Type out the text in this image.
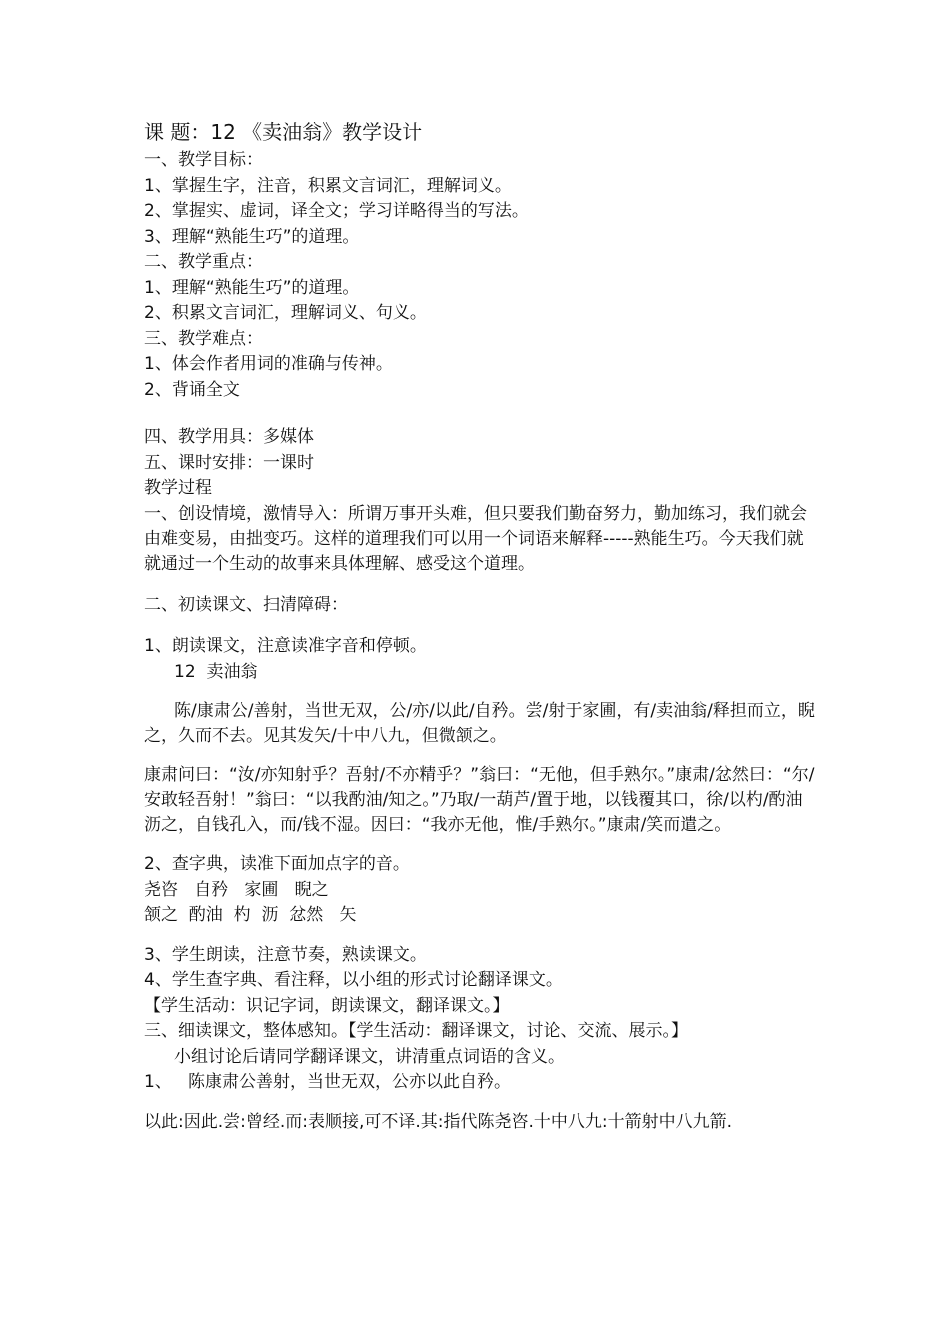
课 题：12 《卖油翁》教学设计

一、教学目标：

1、掌握生字，注音，积累文言词汇，理解词义。

2、掌握实、虚词，译全文；学习详略得当的写法。

3、理解“熟能生巧”的道理。

二、教学重点：

1、理解“熟能生巧”的道理。

2、积累文言词汇，理解词义、句义。

三、教学难点：

1、体会作者用词的准确与传神。

2、背诵全文

四、教学用具：多媒体

五、课时安排：一课时

教学过程

一、创设情境，激情导入：所谓万事开头难，但只要我们勤奋努力，勤加练习，我们就会由难变易，由拙变巧。这样的道理我们可以用一个词语来解释-----熟能生巧。今天我们就就通过一个生动的故事来具体理解、感受这个道理。

二、初读课文、扫清障碍：

1、朗读课文，注意读准字音和停顿。

12  卖油翁

陈/康肃公/善射，当世无双，公/亦/以此/自矜。尝/射于家圃，有/卖油翁/释担而立，睨之，久而不去。见其发矢/十中八九，但微颔之。

康肃问曰：“汝/亦知射乎？吾射/不亦精乎？”翁曰：“无他，但手熟尔。”康肃/忿然曰：“尔/安敢轻吾射！”翁曰：“以我酌油/知之。”乃取/一葫芦/置于地，以钱覆其口，徐/以杓/酌油沥之，自钱孔入，而/钱不湿。因曰：“我亦无他，惟/手熟尔。”康肃/笑而遣之。

2、查字典，读准下面加点字的音。

尧咨   自矜   家圃   睨之

颔之  酌油  杓  沥  忿然   矢

3、学生朗读，注意节奏，熟读课文。

4、学生查字典、看注释，以小组的形式讨论翻译课文。

【学生活动：识记字词，朗读课文，翻译课文。】

三、细读课文，整体感知。【学生活动：翻译课文，讨论、交流、展示。】

小组讨论后请同学翻译课文，讲清重点词语的含义。

1、   陈康肃公善射，当世无双，公亦以此自矜。

以此:因此.尝:曾经.而:表顺接,可不译.其:指代陈尧咨.十中八九:十箭射中八九箭.
